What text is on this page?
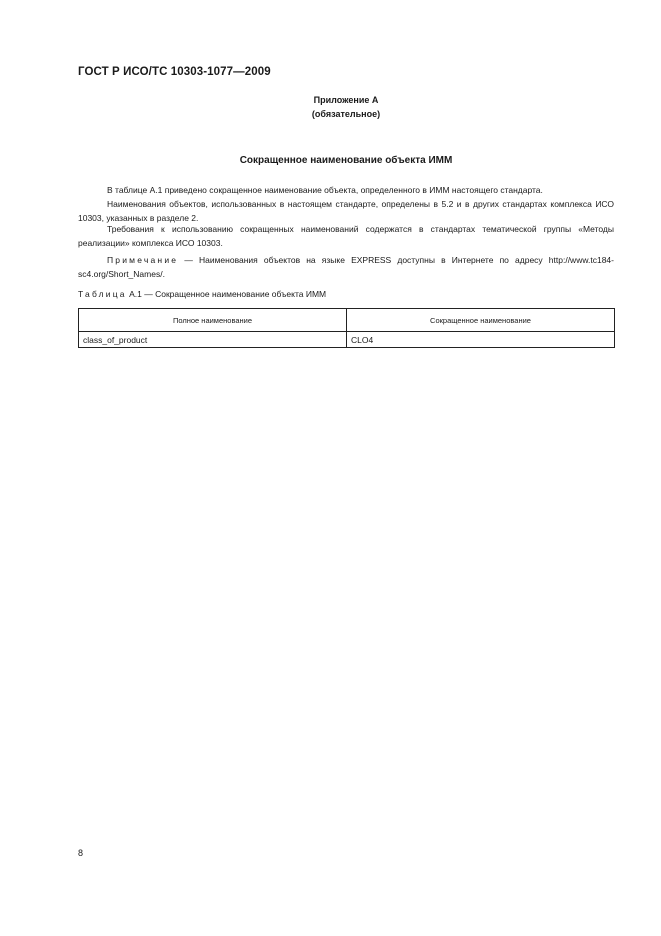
ГОСТ Р ИСО/ТС 10303-1077—2009
Приложение А
(обязательное)
Сокращенное наименование объекта ИММ
В таблице А.1 приведено сокращенное наименование объекта, определенного в ИММ настоящего стандарта.
Наименования объектов, использованных в настоящем стандарте, определены в 5.2 и в других стандартах комплекса ИСО 10303, указанных в разделе 2.
Требования к использованию сокращенных наименований содержатся в стандартах тематической группы «Методы реализации» комплекса ИСО 10303.
Примечание — Наименования объектов на языке EXPRESS доступны в Интернете по адресу http://www.tc184-sc4.org/Short_Names/.
Таблица А.1 — Сокращенное наименование объекта ИММ
Полное наименование	Сокращенное наименование
class_of_product	CLO4
8
